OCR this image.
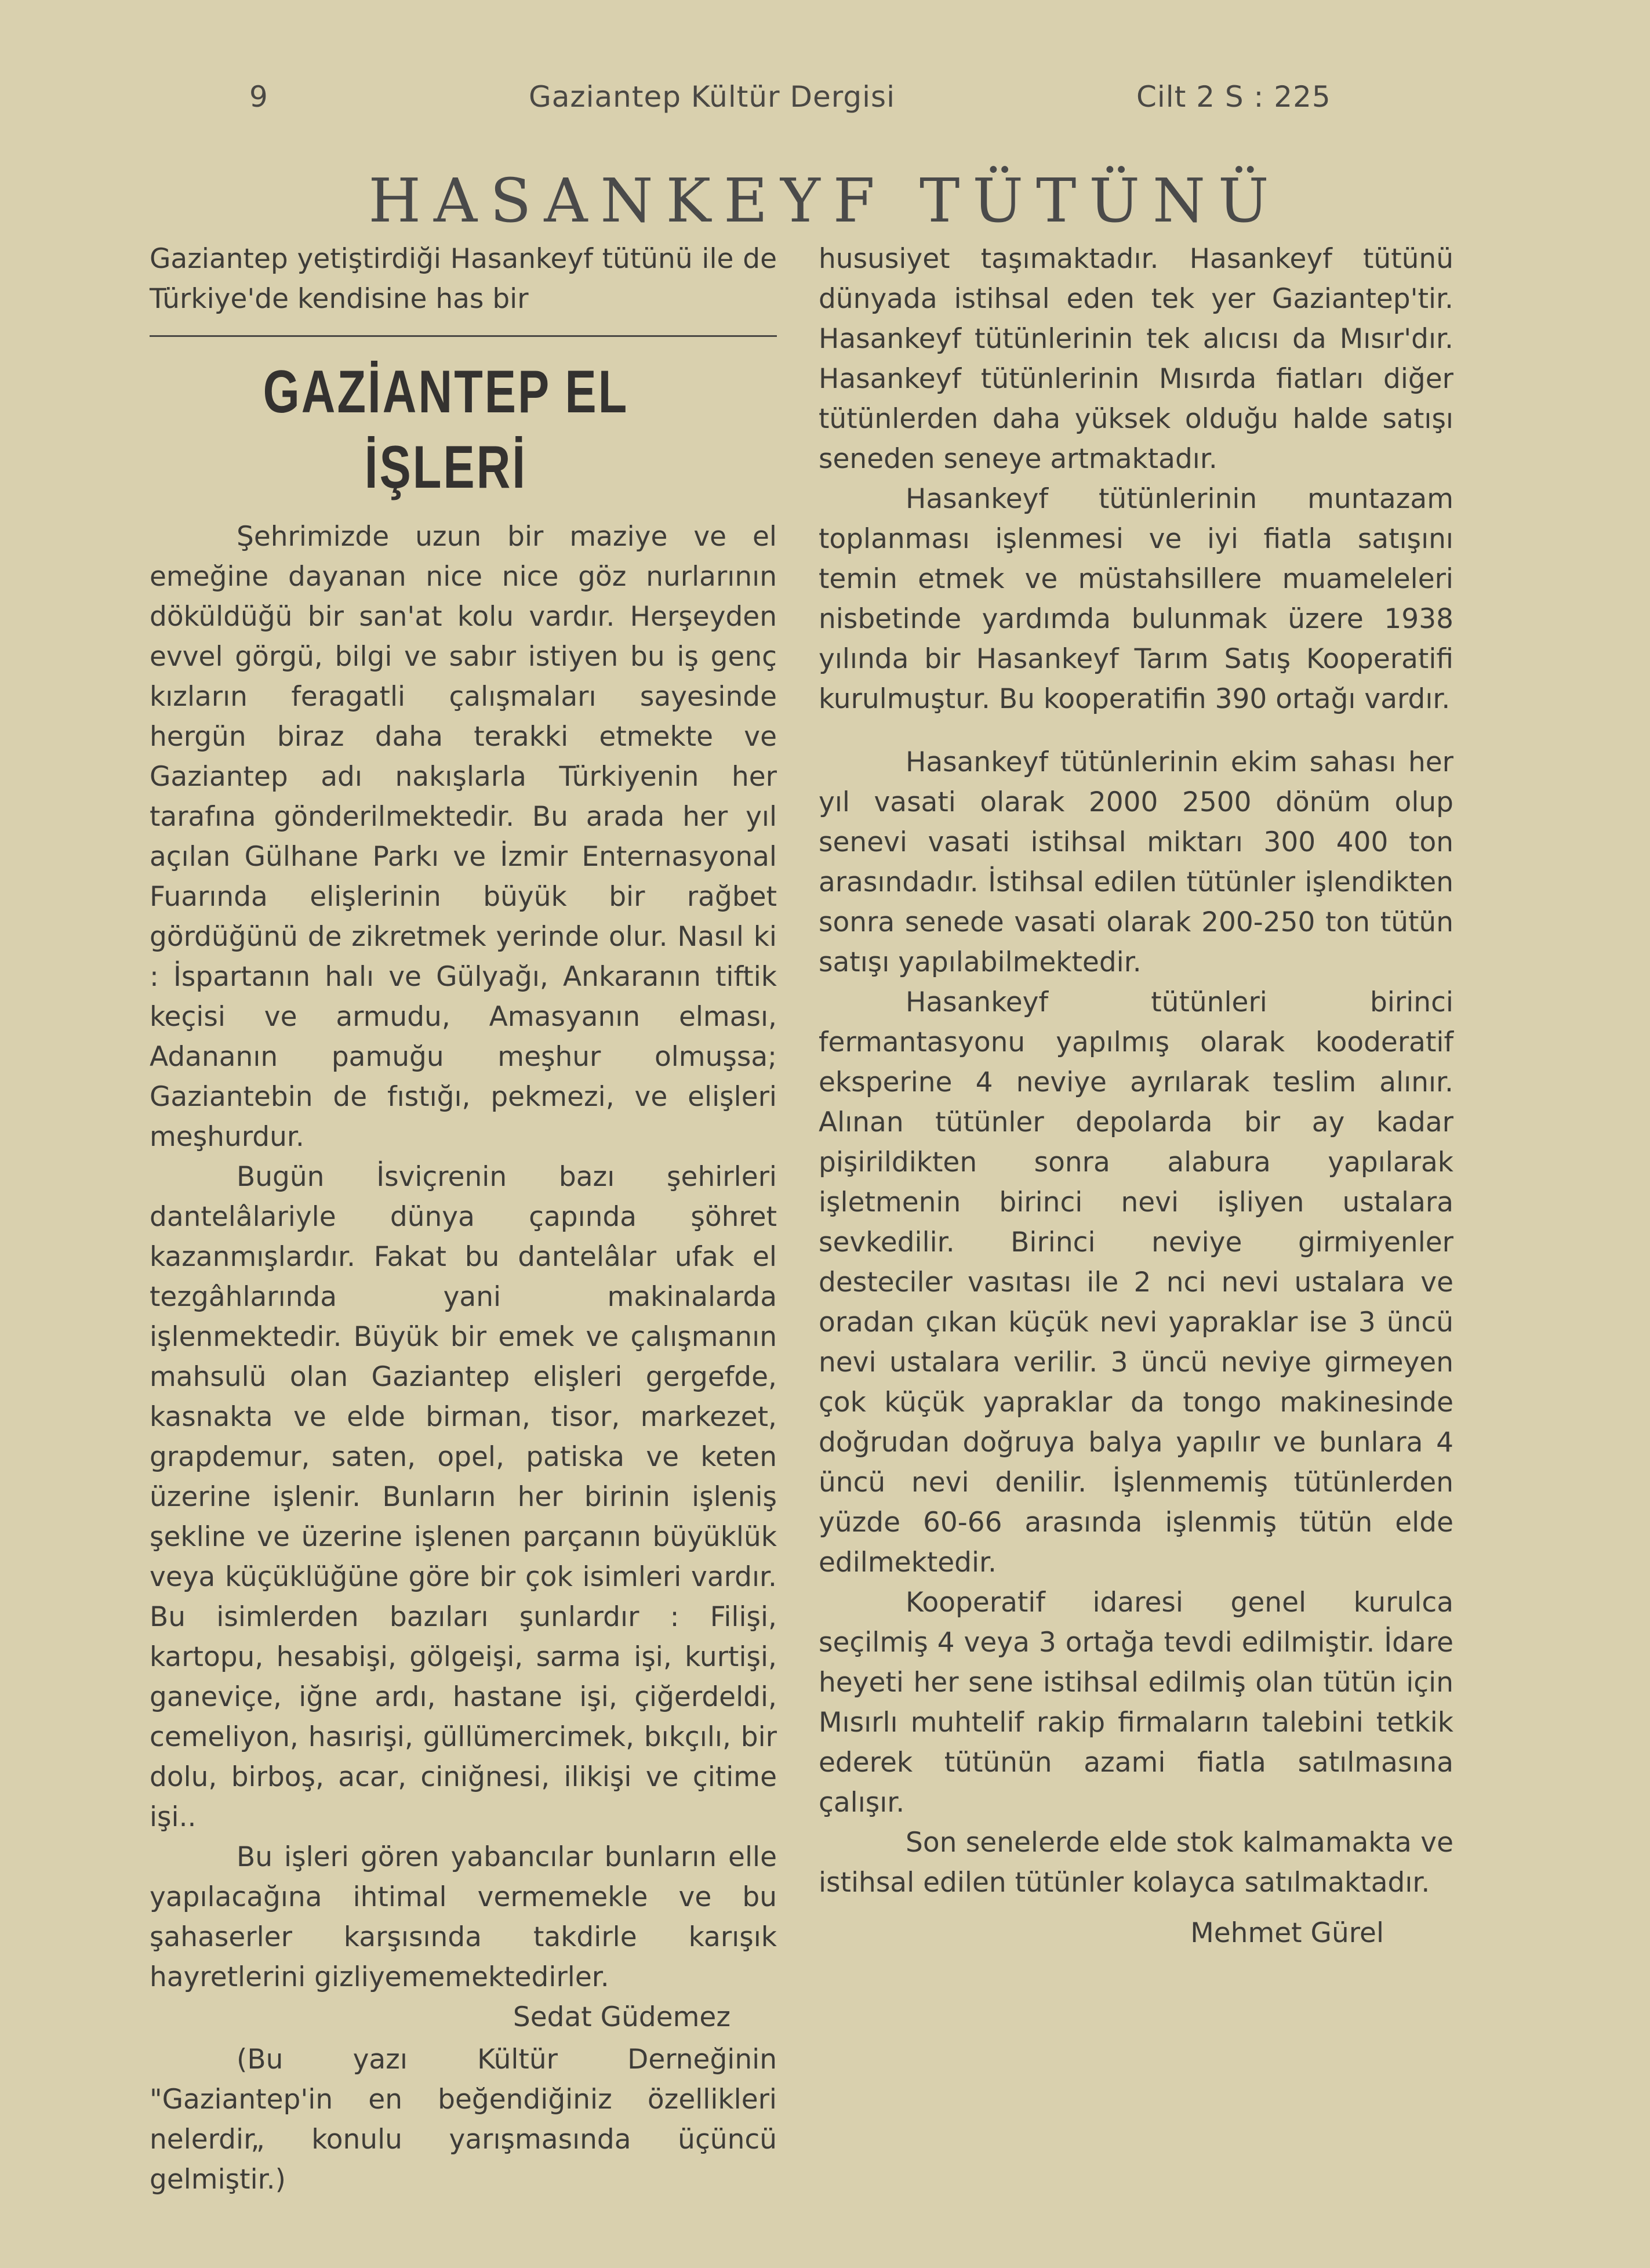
9	Gaziantep Kültür Dergisi	Cilt 2 S : 225
HASANKEYF TÜTÜNÜ

Gaziantep yetiştirdiği Hasankeyf tütünü ile de Türkiye'de kendisine has bir

GAZİANTEP EL İŞLERİ

Şehrimizde uzun bir maziye ve el emeğine dayanan nice nice göz nurlarının döküldüğü bir san'at kolu vardır. Herşeyden evvel görgü, bilgi ve sabır istiyen bu iş genç kızların feragatli çalışmaları sayesinde hergün biraz daha terakki etmekte ve Gaziantep adı nakışlarla Türkiyenin her tarafına gönderilmektedir. Bu arada her yıl açılan Gülhane Parkı ve İzmir Enternasyonal Fuarında elişlerinin büyük bir rağbet gördüğünü de zikretmek yerinde olur. Nasıl ki : İspartanın halı ve Gülyağı, Ankaranın tiftik keçisi ve armudu, Amasyanın elması, Adananın pamuğu meşhur olmuşsa; Gaziantebin de fıstığı, pekmezi, ve elişleri meşhurdur.

Bugün İsviçrenin bazı şehirleri dantelâlariyle dünya çapında şöhret kazanmışlardır. Fakat bu dantelâlar ufak el tezgâhlarında yani makinalarda işlenmektedir. Büyük bir emek ve çalışmanın mahsulü olan Gaziantep elişleri gergefde, kasnakta ve elde birman, tisor, markezet, grapdemur, saten, opel, patiska ve keten üzerine işlenir. Bunların her birinin işleniş şekline ve üzerine işlenen parçanın büyüklük veya küçüklüğüne göre bir çok isimleri vardır. Bu isimlerden bazıları şunlardır : Filişi, kartopu, hesabişi, gölgeişi, sarma işi, kurtişi, ganeviçe, iğne ardı, hastane işi, çiğerdeldi, cemeliyon, hasırişi, güllümercimek, bıkçılı, bir dolu, birboş, acar, ciniğnesi, ilikişi ve çitime işi..

Bu işleri gören yabancılar bunların elle yapılacağına ihtimal vermemekle ve bu şahaserler karşısında takdirle karışık hayretlerini gizliyememektedirler.

Sedat Güdemez

(Bu yazı Kültür Derneğinin "Gaziantep'in en beğendiğiniz özellikleri nelerdir„ konulu yarışmasında üçüncü gelmiştir.)

hususiyet taşımaktadır. Hasankeyf tütünü dünyada istihsal eden tek yer Gaziantep'tir. Hasankeyf tütünlerinin tek alıcısı da Mısır'dır. Hasankeyf tütünlerinin Mısırda fiatları diğer tütünlerden daha yüksek olduğu halde satışı seneden seneye artmaktadır.

Hasankeyf tütünlerinin muntazam toplanması işlenmesi ve iyi fiatla satışını temin etmek ve müstahsillere muameleleri nisbetinde yardımda bulunmak üzere 1938 yılında bir Hasankeyf Tarım Satış Kooperatifi kurulmuştur. Bu kooperatifin 390 ortağı vardır.

Hasankeyf tütünlerinin ekim sahası her yıl vasati olarak 2000 2500 dönüm olup senevi vasati istihsal miktarı 300 400 ton arasındadır. İstihsal edilen tütünler işlendikten sonra senede vasati olarak 200-250 ton tütün satışı yapılabilmektedir.

Hasankeyf tütünleri birinci fermantasyonu yapılmış olarak kooderatif eksperine 4 neviye ayrılarak teslim alınır. Alınan tütünler depolarda bir ay kadar pişirildikten sonra alabura yapılarak işletmenin birinci nevi işliyen ustalara sevkedilir. Birinci neviye girmiyenler desteciler vasıtası ile 2 nci nevi ustalara ve oradan çıkan küçük nevi yapraklar ise 3 üncü nevi ustalara verilir. 3 üncü neviye girmeyen çok küçük yapraklar da tongo makinesinde doğrudan doğruya balya yapılır ve bunlara 4 üncü nevi denilir. İşlenmemiş tütünlerden yüzde 60-66 arasında işlenmiş tütün elde edilmektedir.

Kooperatif idaresi genel kurulca seçilmiş 4 veya 3 ortağa tevdi edilmiştir. İdare heyeti her sene istihsal edilmiş olan tütün için Mısırlı muhtelif rakip firmaların talebini tetkik ederek tütünün azami fiatla satılmasına çalışır.

Son senelerde elde stok kalmamakta ve istihsal edilen tütünler kolayca satılmaktadır.

Mehmet Gürel
